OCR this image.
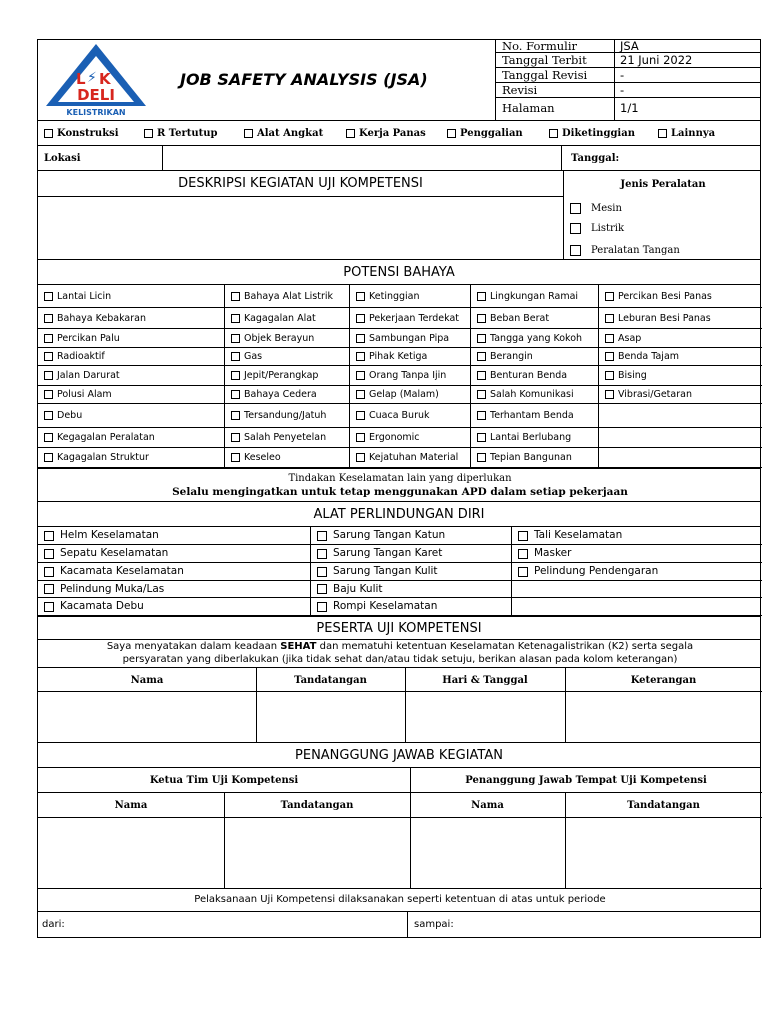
L ⚡ K
DELI
KELISTRIKAN
JOB SAFETY ANALYSIS (JSA)
No. Formulir	JSA
Tanggal Terbit	21 Juni 2022
Tanggal Revisi	-
Revisi	-
Halaman	1/1
Konstruksi	R Tertutup	Alat Angkat	Kerja Panas	Penggalian	Diketinggian	Lainnya
Lokasi	Tanggal:
DESKRIPSI KEGIATAN UJI KOMPETENSI	Jenis Peralatan
Mesin
Listrik
Peralatan Tangan
POTENSI BAHAYA
Lantai Licin	Bahaya Alat Listrik	Ketinggian	Lingkungan Ramai	Percikan Besi Panas
Bahaya Kebakaran	Kagagalan Alat	Pekerjaan Terdekat	Beban Berat	Leburan Besi Panas
Percikan Palu	Objek Berayun	Sambungan Pipa	Tangga yang Kokoh	Asap
Radioaktif	Gas	Pihak Ketiga	Berangin	Benda Tajam
Jalan Darurat	Jepit/Perangkap	Orang Tanpa Ijin	Benturan Benda	Bising
Polusi Alam	Bahaya Cedera	Gelap (Malam)	Salah Komunikasi	Vibrasi/Getaran
Debu	Tersandung/Jatuh	Cuaca Buruk	Terhantam Benda
Kegagalan Peralatan	Salah Penyetelan	Ergonomic	Lantai Berlubang
Kagagalan Struktur	Keseleo	Kejatuhan Material	Tepian Bangunan
Tindakan Keselamatan lain yang diperlukan
Selalu mengingatkan untuk tetap menggunakan APD dalam setiap pekerjaan
ALAT PERLINDUNGAN DIRI
Helm Keselamatan	Sarung Tangan Katun	Tali Keselamatan
Sepatu Keselamatan	Sarung Tangan Karet	Masker
Kacamata Keselamatan	Sarung Tangan Kulit	Pelindung Pendengaran
Pelindung Muka/Las	Baju Kulit
Kacamata Debu	Rompi Keselamatan
PESERTA UJI KOMPETENSI
Saya menyatakan dalam keadaan SEHAT dan mematuhi ketentuan Keselamatan Ketenagalistrikan (K2) serta segala
persyaratan yang diberlakukan (jika tidak sehat dan/atau tidak setuju, berikan alasan pada kolom keterangan)
Nama	Tandatangan	Hari & Tanggal	Keterangan
PENANGGUNG JAWAB KEGIATAN
Ketua Tim Uji Kompetensi	Penanggung Jawab Tempat Uji Kompetensi
Nama	Tandatangan	Nama	Tandatangan
Pelaksanaan Uji Kompetensi dilaksanakan seperti ketentuan di atas untuk periode
dari:	sampai:
